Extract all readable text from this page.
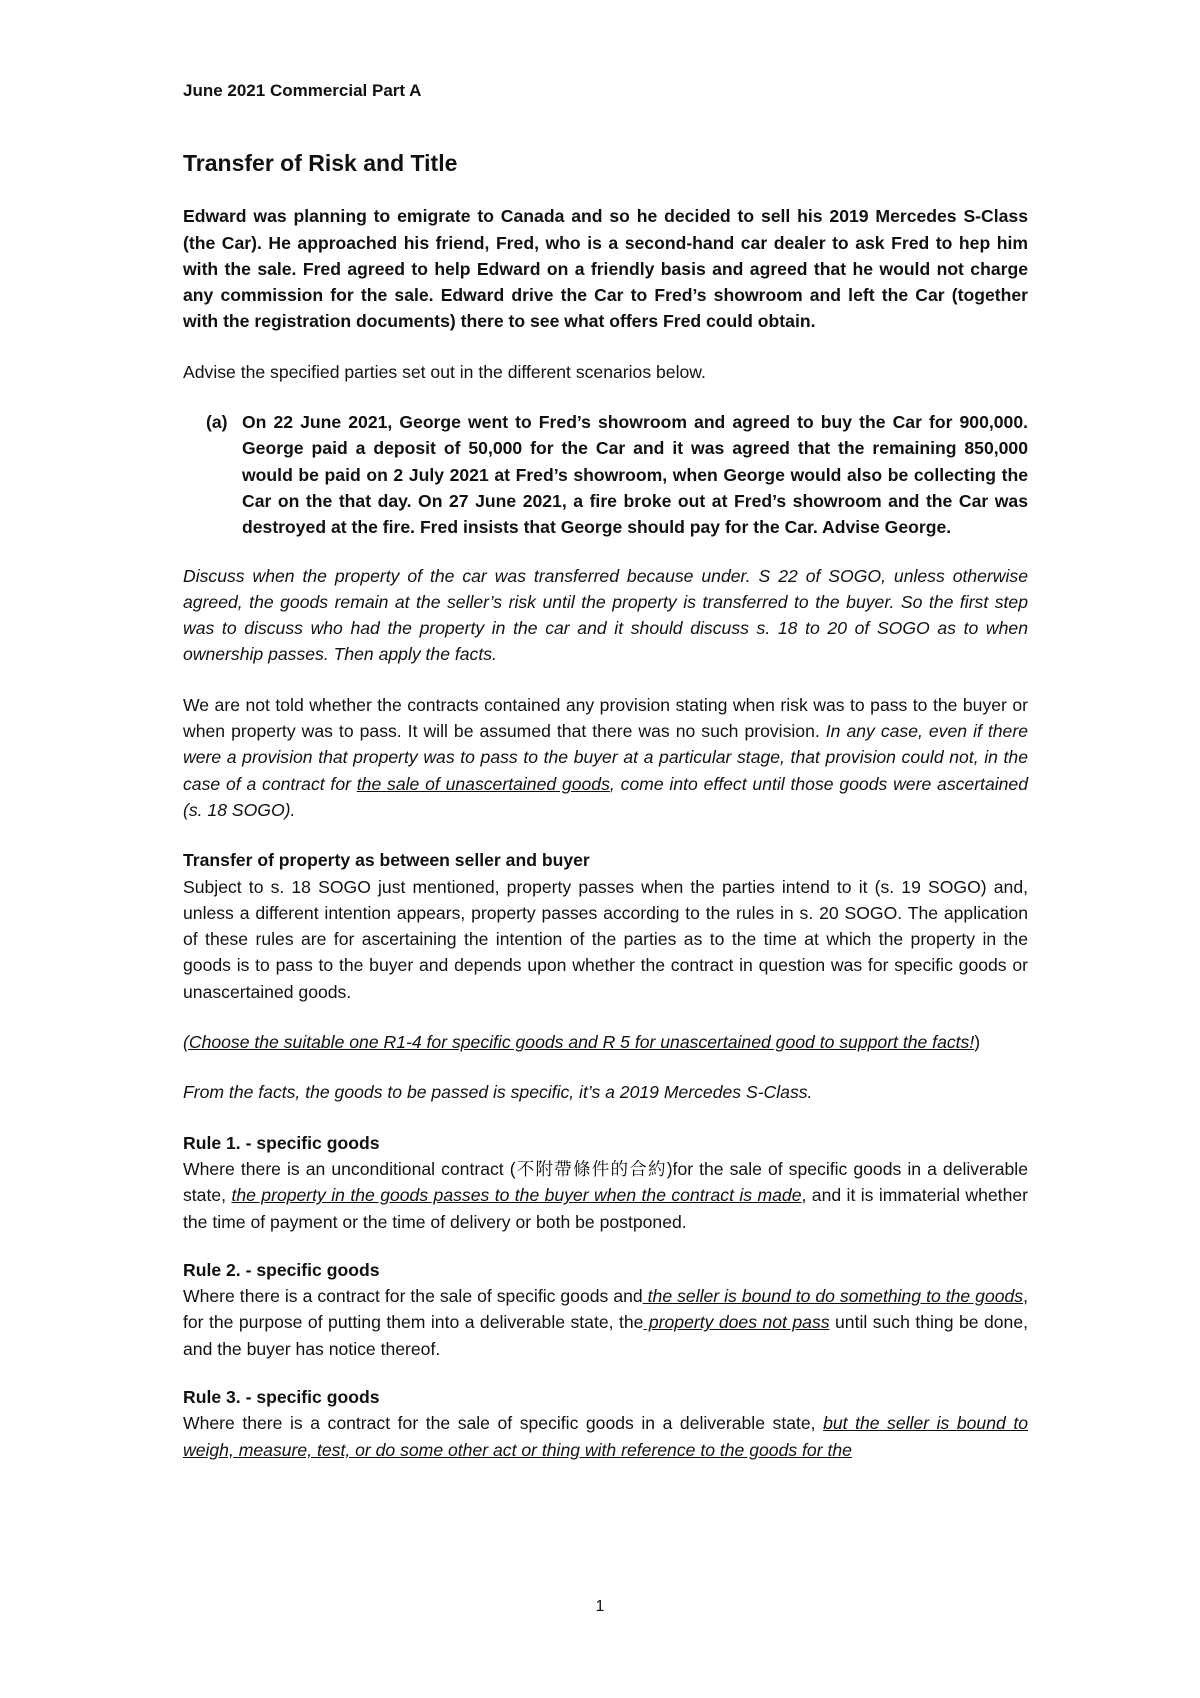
June 2021 Commercial Part A
Transfer of Risk and Title

Edward was planning to emigrate to Canada and so he decided to sell his 2019 Mercedes S-Class (the Car). He approached his friend, Fred, who is a second-hand car dealer to ask Fred to hep him with the sale. Fred agreed to help Edward on a friendly basis and agreed that he would not charge any commission for the sale. Edward drive the Car to Fred’s showroom and left the Car (together with the registration documents) there to see what offers Fred could obtain.

Advise the specified parties set out in the different scenarios below.

(a) On 22 June 2021, George went to Fred’s showroom and agreed to buy the Car for 900,000. George paid a deposit of 50,000 for the Car and it was agreed that the remaining 850,000 would be paid on 2 July 2021 at Fred’s showroom, when George would also be collecting the Car on the that day. On 27 June 2021, a fire broke out at Fred’s showroom and the Car was destroyed at the fire. Fred insists that George should pay for the Car. Advise George.

Discuss when the property of the car was transferred because under. S 22 of SOGO, unless otherwise agreed, the goods remain at the seller’s risk until the property is transferred to the buyer. So the first step was to discuss who had the property in the car and it should discuss s. 18 to 20 of SOGO as to when ownership passes. Then apply the facts.

We are not told whether the contracts contained any provision stating when risk was to pass to the buyer or when property was to pass. It will be assumed that there was no such provision. In any case, even if there were a provision that property was to pass to the buyer at a particular stage, that provision could not, in the case of a contract for the sale of unascertained goods, come into effect until those goods were ascertained (s. 18 SOGO).

Transfer of property as between seller and buyer

Subject to s. 18 SOGO just mentioned, property passes when the parties intend to it (s. 19 SOGO) and, unless a different intention appears, property passes according to the rules in s. 20 SOGO. The application of these rules are for ascertaining the intention of the parties as to the time at which the property in the goods is to pass to the buyer and depends upon whether the contract in question was for specific goods or unascertained goods.

(Choose the suitable one R1-4 for specific goods and R 5 for unascertained good to support the facts!)

From the facts, the goods to be passed is specific, it’s a 2019 Mercedes S-Class.

Rule 1. - specific goods

Where there is an unconditional contract (不附帶條件的合約)for the sale of specific goods in a deliverable state, the property in the goods passes to the buyer when the contract is made, and it is immaterial whether the time of payment or the time of delivery or both be postponed.

Rule 2. - specific goods

Where there is a contract for the sale of specific goods and the seller is bound to do something to the goods, for the purpose of putting them into a deliverable state, the property does not pass until such thing be done, and the buyer has notice thereof.

Rule 3. - specific goods

Where there is a contract for the sale of specific goods in a deliverable state, but the seller is bound to weigh, measure, test, or do some other act or thing with reference to the goods for the

1
